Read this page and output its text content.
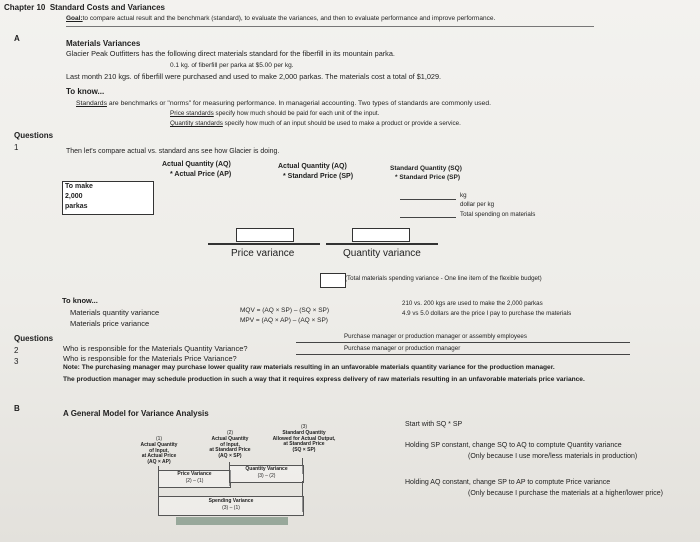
Chapter 10 Standard Costs and Variances
Goal:to compare actual result and the benchmark (standard), to evaluate the variances, and then to evaluate performance and improve performance.
A
Materials Variances
Glacier Peak Outfitters has the following direct materials standard for the fiberfill in its mountain parka.
0.1 kg. of fiberfill per parka at $5.00 per kg.
Last month 210 kgs. of fiberfill were purchased and used to make 2,000 parkas. The materials cost a total of $1,029.
To know...
Standards are benchmarks or "norms" for measuring performance. In managerial accounting. Two types of standards are commonly used.
Price standards specify how much should be paid for each unit of the input.
Quantity standards specify how much of an input should be used to make a product or provide a service.
Questions
1	Then let's compare actual vs. standard ans see how Glacier is doing.
Actual Quantity (AQ)
* Actual Price (AP)
Actual Quantity (AQ)
* Standard Price (SP)
Standard Quantity (SQ)
* Standard Price (SP)
To make
2,000
parkas
kg
dollar per kg
Total spending on materials
Price variance	Quantity variance
(Total materials spending variance - One line item of the flexible budget)
To know...
Materials quantity variance
Materials price variance
MQV = (AQ × SP) – (SQ × SP)
MPV = (AQ × AP) – (AQ × SP)
210 vs. 200 kgs are used to make the 2,000 parkas
4.9 vs 5.0 dollars are the price I pay to purchase the materials
Questions
2
3
Who is responsible for the Materials Quantity Variance?
Who is responsible for the Materials Price Variance?
Purchase manager or production manager or assembly employees
Purchase manager or production manager
Note: The purchasing manager may purchase lower quality raw materials resulting in an unfavorable materials quantity variance for the production manager.
The production manager may schedule production in such a way that it requires express delivery of raw materials resulting in an unfavorable materials price variance.
B
A General Model for Variance Analysis
(1)
Actual Quantity
of Input,
at Actual Price
(AQ × AP)
(2)
Actual Quantity
of Input,
at Standard Price
(AQ × SP)
(3)
Standard Quantity
Allowed for Actual Output,
at Standard Price
(SQ × SP)
Price Variance
(2) – (1)
Quantity Variance
(3) – (2)
Spending Variance
(3) – (1)
Start with SQ * SP
Holding SP constant, change SQ to AQ to comptute Quantity variance
(Only because I use more/less materials in production)
Holding AQ constant, change SP to AP to comptute Price variance
(Only because I purchase the materials at a higher/lower price)
